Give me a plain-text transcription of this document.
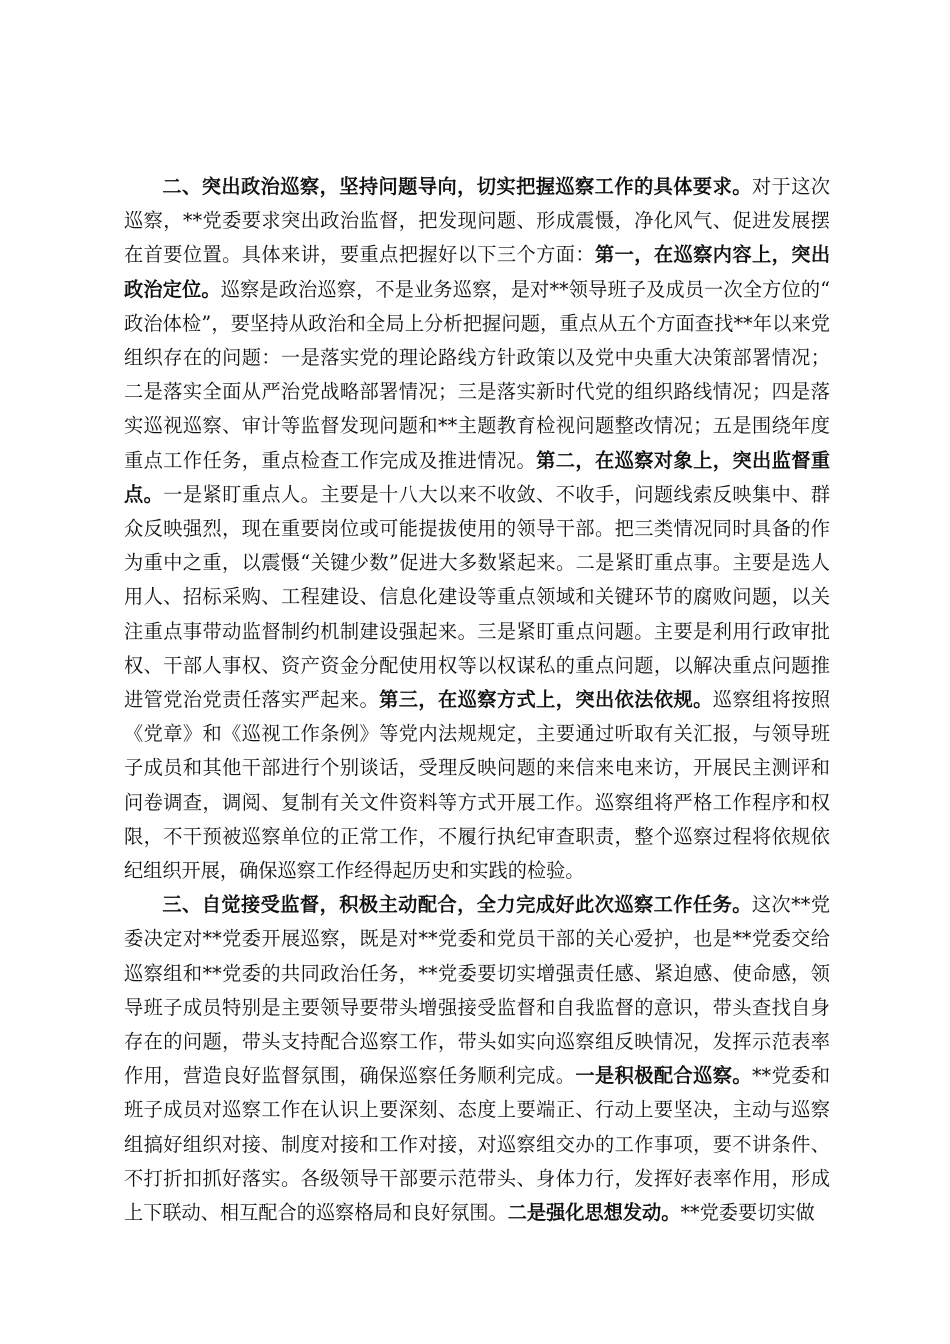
二、突出政治巡察，坚持问题导向，切实把握巡察工作的具体要求。对于这次巡察，**党委要求突出政治监督，把发现问题、形成震慑，净化风气、促进发展摆在首要位置。具体来讲，要重点把握好以下三个方面：第一，在巡察内容上，突出政治定位。巡察是政治巡察，不是业务巡察，是对**领导班子及成员一次全方位的“政治体检”，要坚持从政治和全局上分析把握问题，重点从五个方面查找**年以来党组织存在的问题：一是落实党的理论路线方针政策以及党中央重大决策部署情况；二是落实全面从严治党战略部署情况；三是落实新时代党的组织路线情况；四是落实巡视巡察、审计等监督发现问题和**主题教育检视问题整改情况；五是围绕年度重点工作任务，重点检查工作完成及推进情况。第二，在巡察对象上，突出监督重点。一是紧盯重点人。主要是十八大以来不收敛、不收手，问题线索反映集中、群众反映强烈，现在重要岗位或可能提拔使用的领导干部。把三类情况同时具备的作为重中之重，以震慑“关键少数”促进大多数紧起来。二是紧盯重点事。主要是选人用人、招标采购、工程建设、信息化建设等重点领域和关键环节的腐败问题，以关注重点事带动监督制约机制建设强起来。三是紧盯重点问题。主要是利用行政审批权、干部人事权、资产资金分配使用权等以权谋私的重点问题，以解决重点问题推进管党治党责任落实严起来。第三，在巡察方式上，突出依法依规。巡察组将按照《党章》和《巡视工作条例》等党内法规规定，主要通过听取有关汇报，与领导班子成员和其他干部进行个别谈话，受理反映问题的来信来电来访，开展民主测评和问卷调查，调阅、复制有关文件资料等方式开展工作。巡察组将严格工作程序和权限，不干预被巡察单位的正常工作，不履行执纪审查职责，整个巡察过程将依规依纪组织开展，确保巡察工作经得起历史和实践的检验。

三、自觉接受监督，积极主动配合，全力完成好此次巡察工作任务。这次**党委决定对**党委开展巡察，既是对**党委和党员干部的关心爱护，也是**党委交给巡察组和**党委的共同政治任务，**党委要切实增强责任感、紧迫感、使命感，领导班子成员特别是主要领导要带头增强接受监督和自我监督的意识，带头查找自身存在的问题，带头支持配合巡察工作，带头如实向巡察组反映情况，发挥示范表率作用，营造良好监督氛围，确保巡察任务顺利完成。一是积极配合巡察。**党委和班子成员对巡察工作在认识上要深刻、态度上要端正、行动上要坚决，主动与巡察组搞好组织对接、制度对接和工作对接，对巡察组交办的工作事项，要不讲条件、不打折扣抓好落实。各级领导干部要示范带头、身体力行，发挥好表率作用，形成上下联动、相互配合的巡察格局和良好氛围。二是强化思想发动。**党委要切实做
